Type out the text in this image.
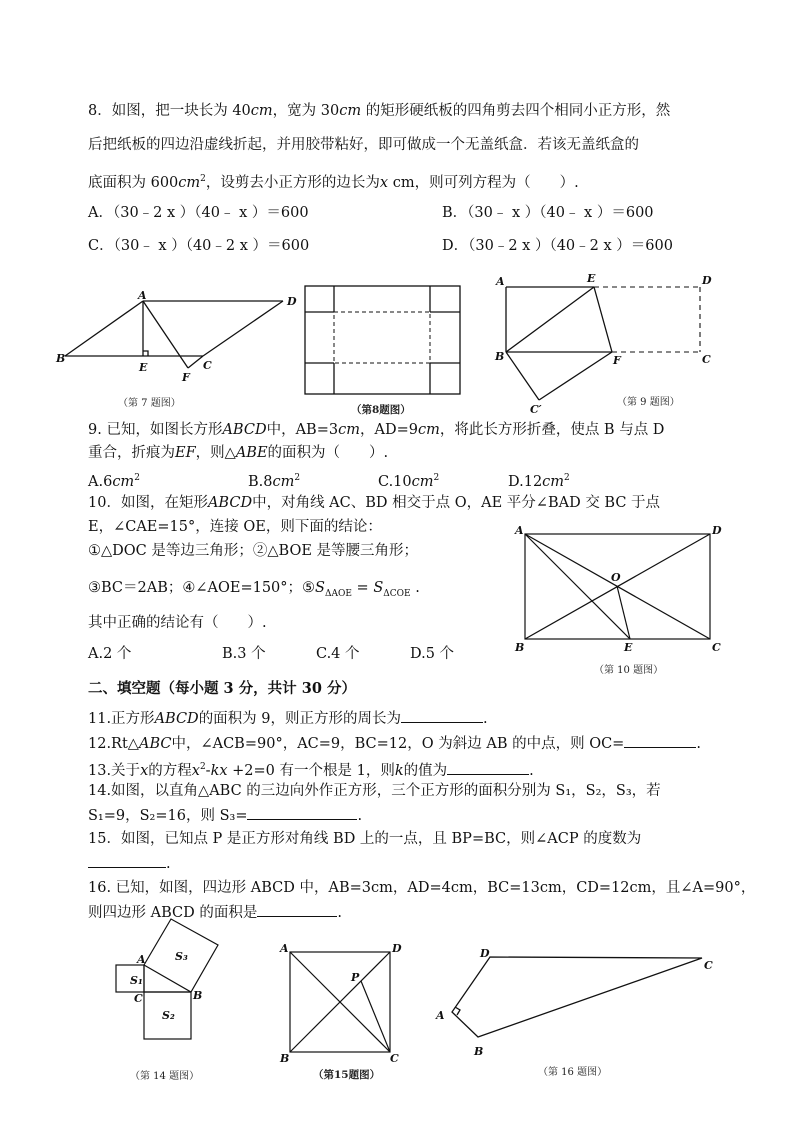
8．如图，把一块长为 40cm，宽为 30cm 的矩形硬纸板的四角剪去四个相同小正方形，然
后把纸板的四边沿虚线折起，并用胶带粘好，即可做成一个无盖纸盒．若该无盖纸盒的
底面积为 $600cm^2$，设剪去小正方形的边长为x cm，则可列方程为（　　）.
A．（30﹣2 x ）（40﹣ x ）＝600	B．（30﹣ x ）（40﹣ x ）＝600
C．（30﹣ x ）（40﹣2 x ）＝600	D．（30﹣2 x ）（40﹣2 x ）＝600
A	D
B
E	C
F
（第 7 题图）
（第8题图）
A	E	D
B	F	C
C′
（第 9 题图）
9. 已知，如图长方形ABCD中，AB=3cm，AD=9cm，将此长方形折叠，使点 B 与点 D
重合，折痕为EF，则△ABE的面积为（　　）.
$A.6cm^2$	$B.8cm^2$	$C.10cm^2$	$D.12cm^2$
10．如图，在矩形ABCD中，对角线 AC、BD 相交于点 O，AE 平分∠BAD 交 BC 于点
E，∠CAE=15°，连接 OE，则下面的结论：
①△DOC 是等边三角形；②△BOE 是等腰三角形；
③BC＝2AB；④∠AOE=150°；$⑤S_{\Delta AOE} = S_{\Delta COE}$ .
其中正确的结论有（　　）.
A.2 个	B.3 个	C.4 个	D.5 个
A	D
O
B	E	C
（第 10 题图）
二、填空题（每小题 3 分，共计 30 分）
11.正方形ABCD的面积为 9，则正方形的周长为	.
12.Rt△ABC中，∠ACB=90°，AC=9，BC=12，O 为斜边 AB 的中点，则 OC=	.
13.关于x的方程$x^2-kx +2=0$ 有一个根是 1，则k的值为	.
14.如图，以直角△ABC 的三边向外作正方形，三个正方形的面积分别为 S₁，S₂，S₃，若
S₁=9，S₂=16，则 S₃=	.
15．如图，已知点 P 是正方形对角线 BD 上的一点，且 BP=BC，则∠ACP 的度数为
.
16. 已知，如图，四边形 ABCD 中，AB=3cm，AD=4cm，BC=13cm，CD=12cm，且∠A=90°，
则四边形 ABCD 的面积是	.
S₁
S₂
S₃
A
C	B
（第 14 题图）
A	D
P
B	C
（第15题图）
D
C
A
B
（第 16 题图）
